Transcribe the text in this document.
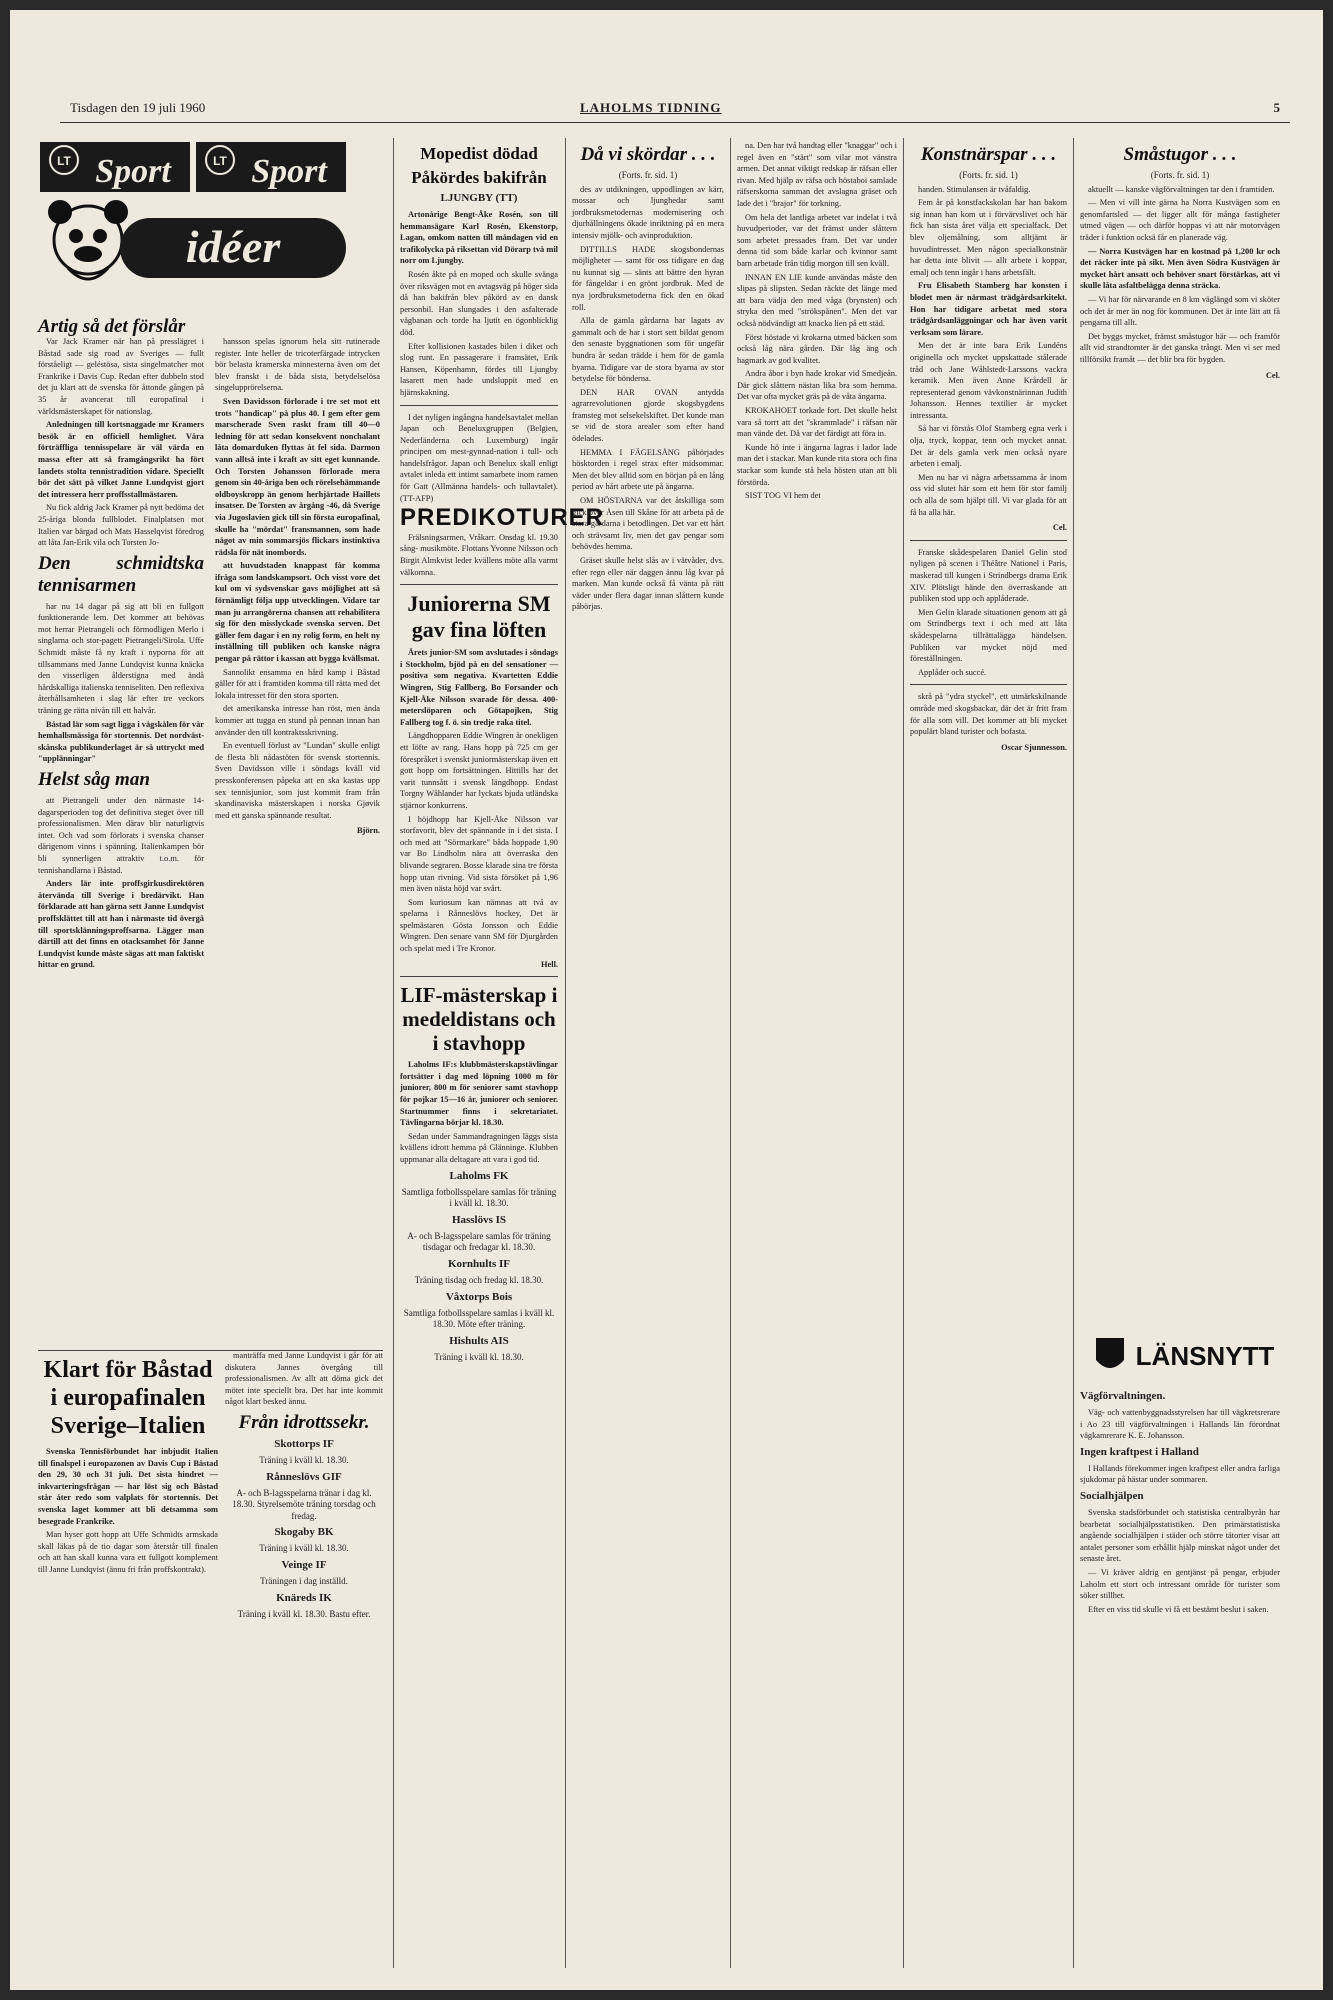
Tisdagen den 19 juli 1960	LAHOLMS TIDNING	5
LT	LT
Sport Sport
idéer
Artig så det förslår

Var Jack Kramer när han på presslägret i Båstad sade sig road av Sveriges — fullt förståeligt — geléstösa, sista singelmatcher mot Frankrike i Davis Cup. Redan efter dubbeln stod det ju klart att de svenska för åttonde gången på 35 år avancerat till europafinal i världsmästerskapet för nationslag.

Anledningen till kortsnaggade mr Kramers besök är en officiell hemlighet. Våra förträffliga tennisspelare är väl värda en massa efter att så framgångsrikt ha fört landets stolta tennistradition vidare. Speciellt bör det sätt på vilket Janne Lundqvist gjort det intressera herr proffsstallmästaren.

Nu fick aldrig Jack Kramer på nytt bedöma det 25-åriga blonda fullblodet. Finalplatsen mot Italien var bärgad och Mats Hasselqvist föredrog att låta Jan-Erik vila och Torsten Jo-

Den schmidtska tennisarmen

har nu 14 dagar på sig att bli en fullgott funktionerande lem. Det kommer att behövas mot herrar Pietrangeli och förmodligen Merlo i singlarna och stor-pagett Pietrangeli/Sirola. Uffe Schmidt måste få ny kraft i nyporna för att tillsammans med Janne Lundqvist kunna knäcka den visserligen ålderstigna med ändå hårdskalliga italienska tenniseliten. Den reflexiva återhållsamheten i slag lär efter tre veckors träning ge rätta nivån till ett halvår.

Båstad lär som sagt ligga i vågskålen för vår hemhallsmässiga för stortennis. Det nordväst-skånska publikunderlaget är så uttryckt med "upplänningar"

Helst såg man

att Pietrangeli under den närmaste 14-dagarsperioden tog det definitiva steget över till professionalismen. Men därav blir naturligtvis intet. Och vad som förlorats i svenska chanser därigenom vinns i spänning. Italienkampen bör bli synnerligen attraktiv t.o.m. för tennishandlarna i Båstad.

Anders lär inte proffsgirkusdirektören återvända till Sverige i bredärvikt. Han förklarade att han gärna sett Janne Lundqvist proffsklättet till att han i närmaste tid övergå till sportsklänningsproffsarna. Lägger man därtill att det finns en otacksamhet för Janne Lundqvist kunde måste sägas att man faktiskt hittar en grund.

hansson spelas ignorum hela sitt rutinerade register. Inte heller de tricoterfärgade intrycken bör belasta kramerska minnesterna även om det blev franskt i de båda sista, betydelselösa singelupprörelserna.

Sven Davidsson förlorade i tre set mot ett trots "handicap" på plus 40. I gem efter gem marscherade Sven raskt fram till 40—0 ledning för att sedan konsekvent nonchalant låta domarduken flyttas åt fel sida. Darmon vann alltså inte i kraft av sitt eget kunnande. Och Torsten Johansson förlorade mera genom sin 40-åriga ben och rörelsehämmande oldboyskropp än genom herhjärtade Haillets insatser. De Torsten av årgång -46, då Sverige via Jugoslavien gick till sin första europafinal, skulle ha "mördat" fransmannen, som hade något av min sommarsjös flickars instinktiva rädsla för nät inombords.

att huvudstaden knappast får komma ifråga som landskampsort. Och visst vore det kul om vi sydsvenskar gavs möjlighet att så förnämligt följa upp utvecklingen. Vidare tar man ju arrangörerna chansen att rehabilitera sig för den misslyckade svenska serven. Det gäller fem dagar i en ny rolig form, en helt ny inställning till publiken och kanske några pengar på rättor i kassan att bygga kvällsmat.

Sannolikt ensamma en hård kamp i Båstad gäller för att i framtiden komma till rätta med det lokala intresset för den stora sporten.

det amerikanska intresse han röst, men ända kommer att tugga en stund på pennan innan han använder den till kontraktsskrivning.

En eventuell förlust av "Lundan" skulle enligt de flesta bli nådastöten för svensk stortennis. Sven Davidsson ville i söndags kväll vid presskonferensen påpeka att en ska kastas upp sex tennisjunior, som just kommit fram från skandinaviska mästerskapen i norska Gjøvik med ett ganska spännande resultat.

Björn.
Klart för Båstad i europafinalen Sverige–Italien

Svenska Tennisförbundet har inbjudit Italien till finalspel i europazonen av Davis Cup i Båstad den 29, 30 och 31 juli. Det sista hindret — inkvarteringsfrågan — har löst sig och Båstad står åter redo som valplats för stortennis. Det svenska laget kommer att bli detsamma som besegrade Frankrike.

Man hyser gott hopp att Uffe Schmidts armskada skall läkas på de tio dagar som återstår till finalen och att han skall kunna vara ett fullgott komplement till Janne Lundqvist (ännu fri från proffskontrakt).

manträffa med Janne Lundqvist i går för att diskutera Jannes övergång till professionalismen. Av allt att döma gick det mötet inte speciellt bra. Det har inte kommit något klart besked ännu.

Från idrottssekr.
Skottorps IF
Träning i kväll kl. 18.30.
Rånneslövs GIF
A- och B-lagsspelarna tränar i dag kl. 18.30. Styrelsemöte träning torsdag och fredag.
Skogaby BK
Träning i kväll kl. 18.30.
Veinge IF
Träningen i dag inställd.
Knäreds IK
Träning i kväll kl. 18.30. Bastu efter.
Mopedist dödad
Påkördes bakifrån
LJUNGBY (TT)

Artonårige Bengt-Åke Rosén, son till hemmansägare Karl Rosén, Ekenstorp, Lagan, omkom natten till måndagen vid en trafikolycka på riksettan vid Dörarp två mil norr om Ljungby.

Rosén åkte på en moped och skulle svänga över riksvägen mot en avtagsväg på höger sida då han bakifrån blev påkörd av en dansk personbil. Han slungades i den asfalterade vägbanan och torde ha ljutit en ögonblicklig död.

Efter kollisionen kastades bilen i diket och slog runt. En passagerare i framsätet, Erik Hansen, Köpenhamn, fördes till Ljungby lasarett men hade undsluppit med en hjärnskakning.

I det nyligen ingångna handelsavtalet mellan Japan och Beneluxgruppen (Belgien, Nederländerna och Luxemburg) ingår principen om mest-gynnad-nation i tull- och handelsfrågor. Japan och Benelux skall enligt avtalet inleda ett intimt samarbete inom ramen för Gatt (Allmänna handels- och tullavtalet). (TT-AFP)

PREDIKOTURER

Frälsningsarmen, Vråkarr. Onsdag kl. 19.30 sång- musikmöte. Flottans Yvonne Nilsson och Birgit Almkvist leder kvällens möte alla varmt välkomna.

Juniorerna SM gav fina löften

Årets junior-SM som avslutades i söndags i Stockholm, bjöd på en del sensationer — positiva som negativa. Kvartetten Eddie Wingren, Stig Fallberg, Bo Forsander och Kjell-Åke Nilsson svarade för dessa. 400-meterslöparen och Götapojken, Stig Fallberg tog f. ö. sin tredje raka titel.

Längdhopparen Eddie Wingren är onekligen ett löfte av rang. Hans hopp på 725 cm ger förespråket i svenskt juniormästerskap även ett gott hopp om fortsättningen. Hittills har det varit tunnsått i svensk längdhopp. Endast Torgny Wåhlander har lyckats bjuda utländska stjärnor konkurrens.

I höjdhopp har Kjell-Åke Nilsson var storfavorit, blev det spännande in i det sista. I och med att "Sörmarkare" båda hoppade 1,90 var Bo Lindholm nära att överraska den blivande segraren. Bosse klarade sina tre första hopp utan rivning. Vid sista försöket på 1,96 men även nästa höjd var svårt.

Som kuriosum kan nämnas att två av spelarna i Rånneslövs hockey, Det är spelmästaren Gösta Jonsson och Eddie Wingren. Den senare vann SM för Djurgården och spelat med i Tre Kronor.

Hell.
LIF-mästerskap i medeldistans och i stavhopp

Laholms IF:s klubbmästerskapstävlingar fortsätter i dag med löpning 1000 m för juniorer, 800 m för seniorer samt stavhopp för pojkar 15—16 år, juniorer och seniorer. Startnummer finns i sekretariatet. Tävlingarna börjar kl. 18.30.

Sedan under Sammandragningen läggs sista kvällens idrott hemma på Glänninge. Klubben uppmanar alla deltagare att vara i god tid.

Laholms FK
Samtliga fotbollsspelare samlas för träning i kväll kl. 18.30.
Hasslövs IS
A- och B-lagsspelare samlas för träning tisdagar och fredagar kl. 18.30.
Kornhults IF
Träning tisdag och fredag kl. 18.30.
Våxtorps Bois
Samtliga fotbollsspelare samlas i kväll kl. 18.30. Möte efter träning.
Hishults AIS
Träning i kväll kl. 18.30.
Då vi skördar . . .
(Forts. fr. sid. 1)

des av utdikningen, uppodlingen av kärr, mossar och ljunghedar samt jordbruksmetodernas modernisering och djurhållningens ökade inriktning på en mera intensiv mjölk- och avinproduktion.

DITTILLS HADE skogsbondernas möjligheter — samt för oss tidigare en dag nu kunnat sig — sänts att bättre den hyran för fångeldar i en grönt jordbruk. Med de nya jordbruksmetoderna fick den en ökad roll.

Alla de gamla gårdarna har lagats av gammalt och de har i stort sett bildat genom den senaste byggnationen som för ungefär hundra år sedan trädde i hem för de gamla byarna. Tidigare var de stora byarna av stor betydelse för bönderna.

DEN HAR OVAN antydda agrarrevolutionen gjorde skogsbygdens framsteg mot selsekelskiftet. Det kunde man se vid de stora arealer som efter hand ödelades.

HEMMA I FÄGELSÅNG påbörjades hösktorden i regel strax efter midsommar. Men det blev alltid som en början på en lång period av hårt arbete ute på ängarna.

OM HÖSTARNA var det åtskilliga som gick över Åsen till Skåne för att arbeta på de stora gårdarna i betodlingen. Det var ett hårt och strävsamt liv, men det gav pengar som behövdes hemma.

Gräset skulle helst slås av i vätvåder, dvs. efter regn eller när daggen ännu låg kvar på marken. Man kunde också få vänta på rätt väder under flera dagar innan slåttern kunde påbörjas.

na. Den har två handtag eller "knaggar" och i regel även en "stärt" som vilar mot vänstra armen. Det annat viktigt redskap är räfsan eller rivan. Med hjälp av räfsa och höstaboi samlade räfserskorna samman det avslagna gräset och lade det i "brajor" för torkning.

Om hela det lantliga arbetet var indelat i två huvudperioder, var det främst under slåttern som arbetet pressades fram. Det var under denna tid som både karlar och kvinnor samt barn arbetade från tidig morgon till sen kväll.

INNAN EN LIE kunde användas måste den slipas på slipsten. Sedan räckte det länge med att bara vädja den med våga (brynsten) och stryka den med "strökspånen". Men det var också nödvändigt att knacka lien på ett städ.

Först höstade vi krokarna utmed bäcken som också låg nära gården. Där låg äng och hagmark av god kvalitet.

Andra åbor i byn hade krokar vid Smedjeån. Där gick slåttern nästan lika bra som hemma. Det var ofta mycket gräs på de våta ängarna.

KROKAHOET torkade fort. Det skulle helst vara så torrt att det "skrammlade" i räfsan när man vände det. Då var det färdigt att föra in.

Kunde hö inte i ängarna lagras i lador lade man det i stackar. Man kunde rita stora och fina stackar som kunde stå hela hösten utan att bli förstörda.

SIST TOG VI hem det

Konstnärspar . . .
(Forts. fr. sid. 1)

handen. Stimulansen är tvåfaldig.

Fem år på konstfackskolan har han bakom sig innan han kom ut i förvärvslivet och här fick han sista året välja ett specialfack. Det blev oljemålning, som alltjämt är huvudintresset. Men någon specialkonstnär har detta inte blivit — allt arbete i koppar, emalj och tenn ingår i hans arbetsfält.

Fru Elisabeth Stamberg har konsten i blodet men är närmast trädgårdsarkitekt. Hon har tidigare arbetat med stora trädgårdsanläggningar och har även varit verksam som lärare.

Men det är inte bara Erik Lundéns originella och mycket uppskattade stålerade tråd och Jane Wåhlstedt-Larssons vackra keramik. Men även Anne Krårdell är representerad genom vävkonstnärinnan Judith Johansson. Hennes textilier är mycket intressanta.

Så har vi förstås Olof Stamberg egna verk i olja, tryck, koppar, tenn och mycket annat. Det är dels gamla verk men också nyare arbeten i emalj.

Men nu har vi några arbetssamma år inom oss vid slutet här som ett hem för stor familj och alla de som hjälpt till. Vi var glada för att få ha alla här.

Cel.

Franske skådespelaren Daniel Gelin stod nyligen på scenen i Théâtre Nationel i Paris, maskerad till kungen i Strindbergs drama Erik XIV. Plötsligt hände den överraskande att publiken stod upp och applåderade.

Men Gelin klarade situationen genom att gå om Strindbergs text i och med att låta skådespelarna tillrättalägga händelsen. Publiken var mycket nöjd med föreställningen.

Applåder och succé.

skrå på "ydra styckel", ett utmärkskilnande område med skogsbackar, där det är fritt fram för alla som vill. Det kommer att bli mycket populärt bland turister och bofasta.

Oscar Sjunnesson.
Småstugor . . .
(Forts. fr. sid. 1)

aktuellt — kanske vägförvaltningen tar den i framtiden.

— Men vi vill inte gärna ha Norra Kustvägen som en genomfartsled — det ligger allt för många fastigheter utmed vägen — och därför hoppas vi att när motorvägen träder i funktion ocksä får en planerade väg.

— Norra Kustvägen har en kostnad på 1,200 kr och det räcker inte på sikt. Men även Södra Kustvägen är mycket hårt ansatt och behöver snart förstärkas, att vi skulle låta asfaltbelägga denna sträcka.

— Vi har för närvarande en 8 km väglängd som vi sköter och det är mer än nog för kommunen. Det är inte lätt att få pengarna till allt.

Det byggs mycket, främst småstugor här — och framför allt vid strandtomter är det ganska trångt. Men vi ser med tillförsikt framåt — det blir bra för bygden.

Cel.
LÄNSNYTT
Vägförvaltningen.

Väg- och vattenbyggnadsstyrelsen har till vägkretsrerare i Ao 23 till vägförvaltningen i Hallands län förordnat vägkamrerare K. E. Johansson.

Ingen kraftpest i Halland

I Hallands förekommer ingen kraftpest eller andra farliga sjukdomar på hästar under sommaren.

Socialhjälpen

Svenska stadsförbundet och statistiska centralbyrån har bearbetat socialhjälpsstatistiken. Den primärstatistiska angående socialhjälpen i städer och större tätorter visar att antalet personer som erhållit hjälp minskat något under det senaste året.

— Vi kräver aldrig en gentjänst på pengar, erbjuder Laholm ett stort och intressant område för turister som söker stillhet.

Efter en viss tid skulle vi få ett bestämt beslut i saken.
